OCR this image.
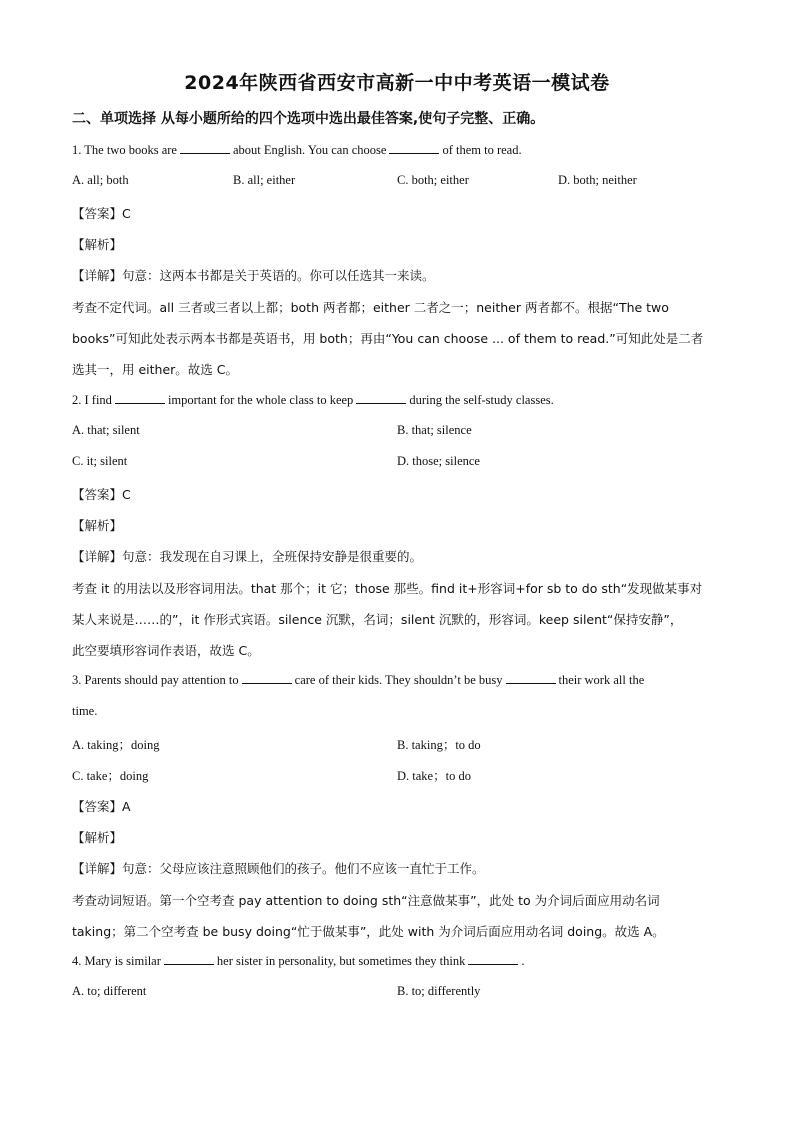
2024年陕西省西安市高新一中中考英语一模试卷
二、单项选择 从每小题所给的四个选项中选出最佳答案,使句子完整、正确。
1. The two books are	about English. You can choose	of them to read.
A. all; both	B. all; either	C. both; either	D. both; neither
【答案】C
【解析】
【详解】句意：这两本书都是关于英语的。你可以任选其一来读。
考查不定代词。all 三者或三者以上都；both 两者都；either 二者之一；neither 两者都不。根据“The two
books”可知此处表示两本书都是英语书，用 both；再由“You can choose ... of them to read.”可知此处是二者
选其一，用 either。故选 C。
2. I find	important for the whole class to keep	during the self-study classes.
A. that; silent	B. that; silence
C. it; silent	D. those; silence
【答案】C
【解析】
【详解】句意：我发现在自习课上，全班保持安静是很重要的。
考查 it 的用法以及形容词用法。that 那个；it 它；those 那些。find it+形容词+for sb to do sth“发现做某事对
某人来说是……的”，it 作形式宾语。silence 沉默，名词；silent 沉默的，形容词。keep silent“保持安静”，
此空要填形容词作表语，故选 C。
3. Parents should pay attention to	care of their kids. They shouldn’t be busy	their work all the
time.
A. taking；doing	B. taking；to do
C. take；doing	D. take；to do
【答案】A
【解析】
【详解】句意：父母应该注意照顾他们的孩子。他们不应该一直忙于工作。
考查动词短语。第一个空考查 pay attention to doing sth“注意做某事”，此处 to 为介词后面应用动名词
taking；第二个空考查 be busy doing“忙于做某事”，此处 with 为介词后面应用动名词 doing。故选 A。
4. Mary is similar	her sister in personality, but sometimes they think	.
A. to; different	B. to; differently
